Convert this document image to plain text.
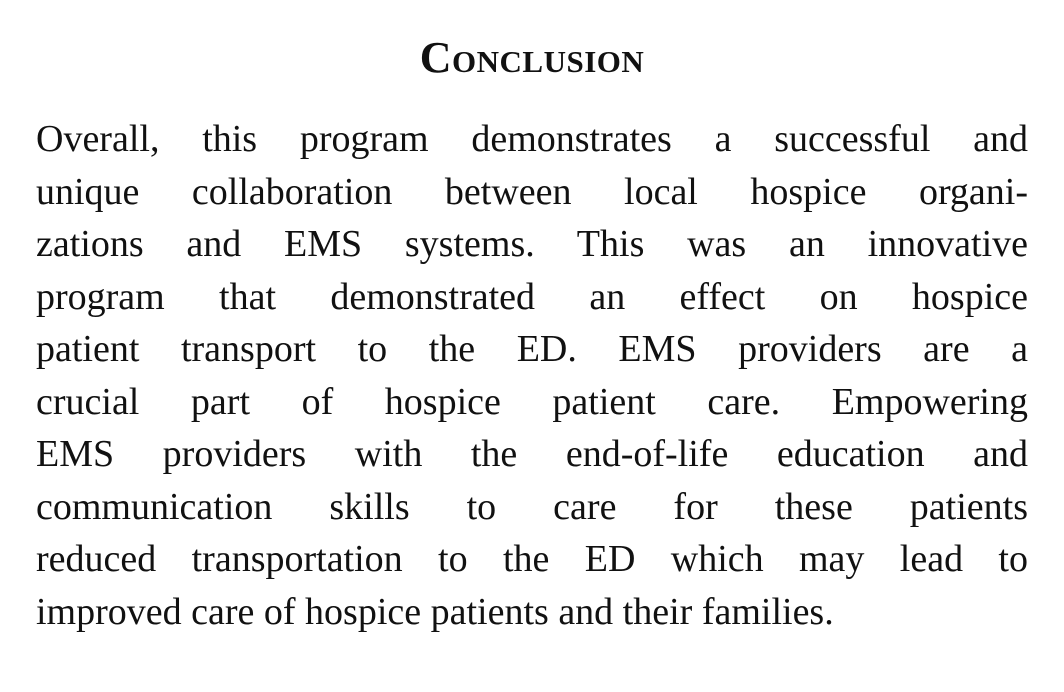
Conclusion

Overall, this program demonstrates a successful and
unique collaboration between local hospice organi-
zations and EMS systems. This was an innovative
program that demonstrated an effect on hospice
patient transport to the ED. EMS providers are a
crucial part of hospice patient care. Empowering
EMS providers with the end-of-life education and
communication skills to care for these patients
reduced transportation to the ED which may lead to
improved care of hospice patients and their families.
